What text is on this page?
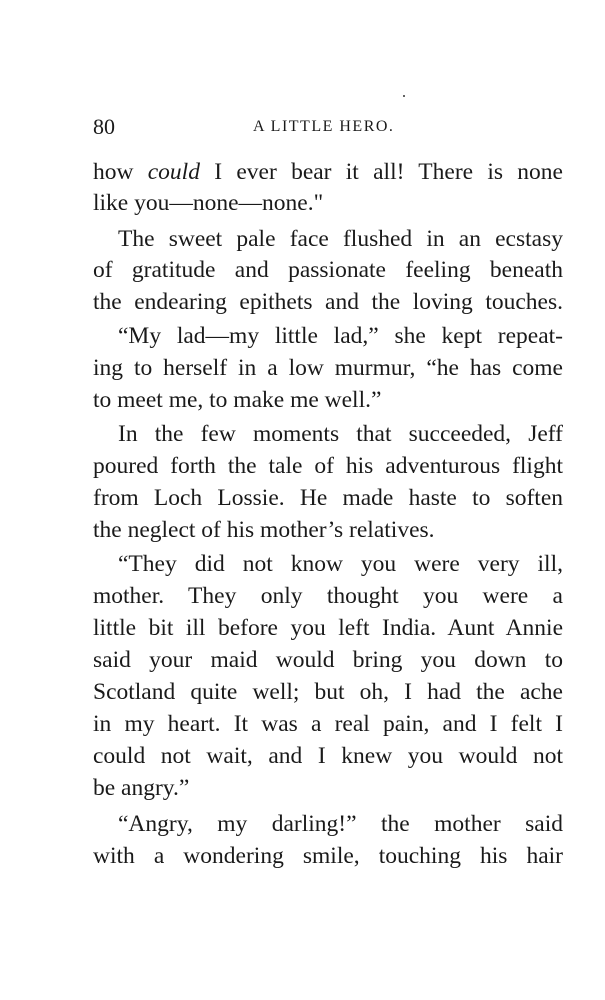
80	A LITTLE HERO.
how could I ever bear it all! There is none
like you—none—none."
The sweet pale face flushed in an ecstasy
of gratitude and passionate feeling beneath
the endearing epithets and the loving touches.
“My lad—my little lad,” she kept repeat-
ing to herself in a low murmur, “he has come
to meet me, to make me well.”
In the few moments that succeeded, Jeff
poured forth the tale of his adventurous flight
from Loch Lossie. He made haste to soften
the neglect of his mother’s relatives.
“They did not know you were very ill,
mother. They only thought you were a
little bit ill before you left India. Aunt Annie
said your maid would bring you down to
Scotland quite well; but oh, I had the ache
in my heart. It was a real pain, and I felt I
could not wait, and I knew you would not
be angry.”
“Angry, my darling!” the mother said
with a wondering smile, touching his hair
